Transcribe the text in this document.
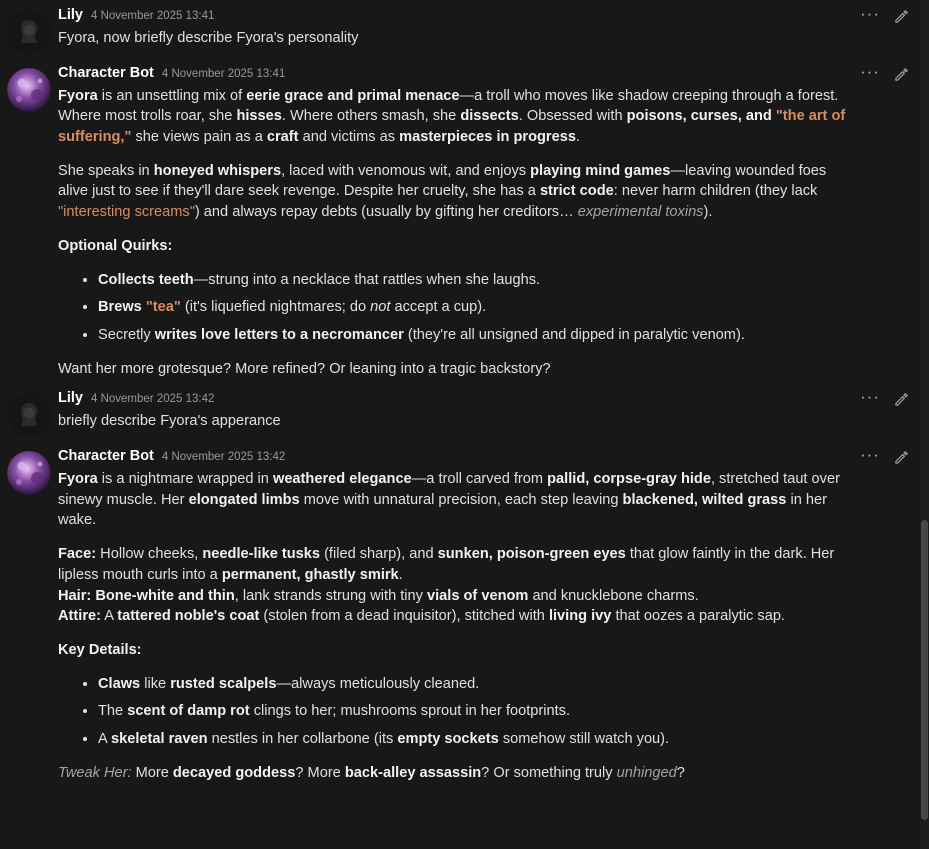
Lily 4 November 2025 13:41
Fyora, now briefly describe Fyora's personality
···
Character Bot 4 November 2025 13:41

Fyora is an unsettling mix of eerie grace and primal menace—a troll who moves like shadow creeping through a forest. Where most trolls roar, she hisses. Where others smash, she dissects. Obsessed with poisons, curses, and "the art of suffering," she views pain as a craft and victims as masterpieces in progress.

She speaks in honeyed whispers, laced with venomous wit, and enjoys playing mind games—leaving wounded foes alive just to see if they'll dare seek revenge. Despite her cruelty, she has a strict code: never harm children (they lack "interesting screams") and always repay debts (usually by gifting her creditors… experimental toxins).

Optional Quirks:

• Collects teeth—strung into a necklace that rattles when she laughs.
• Brews "tea" (it's liquefied nightmares; do not accept a cup).
• Secretly writes love letters to a necromancer (they're all unsigned and dipped in paralytic venom).

Want her more grotesque? More refined? Or leaning into a tragic backstory?

···
Lily 4 November 2025 13:42
briefly describe Fyora's apperance
···
Character Bot 4 November 2025 13:42

Fyora is a nightmare wrapped in weathered elegance—a troll carved from pallid, corpse-gray hide, stretched taut over sinewy muscle. Her elongated limbs move with unnatural precision, each step leaving blackened, wilted grass in her wake.

Face: Hollow cheeks, needle-like tusks (filed sharp), and sunken, poison-green eyes that glow faintly in the dark. Her lipless mouth curls into a permanent, ghastly smirk.
Hair: Bone-white and thin, lank strands strung with tiny vials of venom and knucklebone charms.
Attire: A tattered noble's coat (stolen from a dead inquisitor), stitched with living ivy that oozes a paralytic sap.

Key Details:

• Claws like rusted scalpels—always meticulously cleaned.
• The scent of damp rot clings to her; mushrooms sprout in her footprints.
• A skeletal raven nestles in her collarbone (its empty sockets somehow still watch you).

Tweak Her: More decayed goddess? More back-alley assassin? Or something truly unhinged?

···
